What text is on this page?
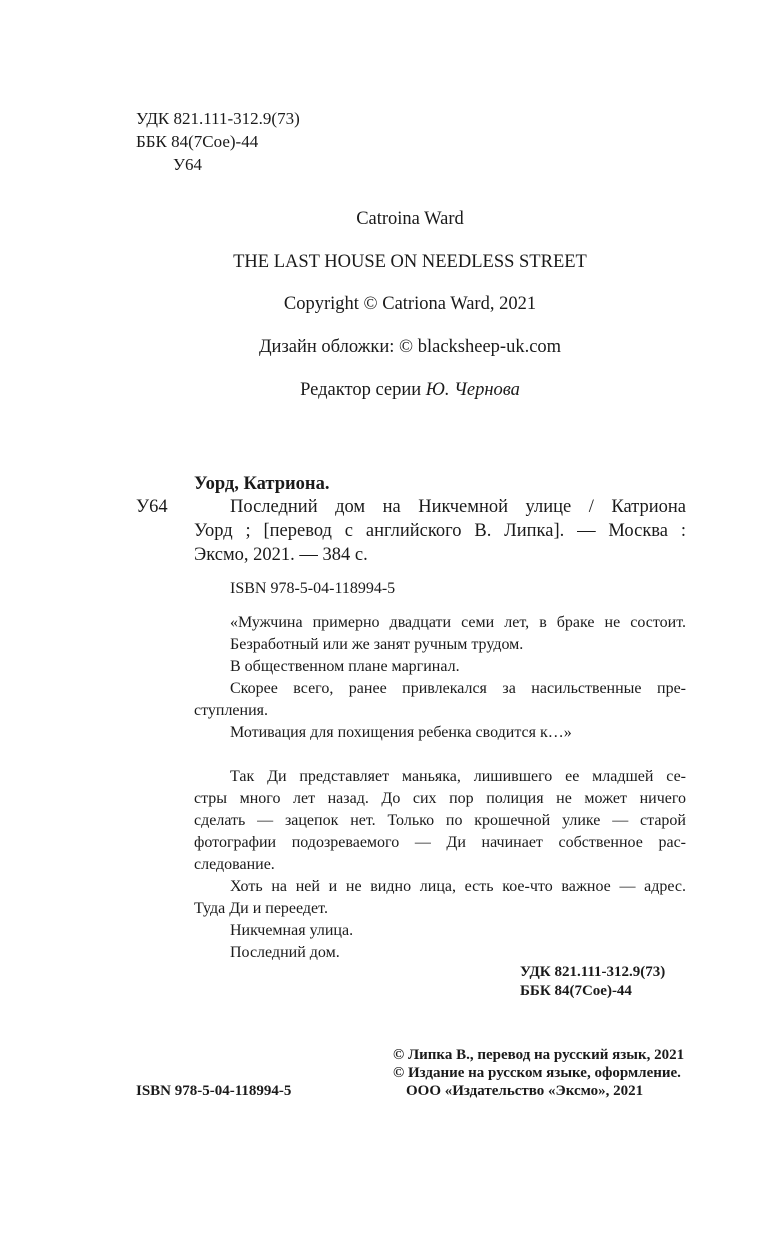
УДК 821.111-312.9(73)
ББК 84(7Сое)-44
У64
Catroina Ward
THE LAST HOUSE ON NEEDLESS STREET
Copyright © Catriona Ward, 2021
Дизайн обложки: © blacksheep-uk.com
Редактор серии Ю. Чернова
Уорд, Катриона.
У64	Последний дом на Никчемной улице / Катриона
Уорд ; [перевод с английского В. Липка]. — Москва :
Эксмо, 2021. — 384 с.
ISBN 978-5-04-118994-5
«Мужчина примерно двадцати семи лет, в браке не состоит.
Безработный или же занят ручным трудом.
В общественном плане маргинал.
Скорее всего, ранее привлекался за насильственные пре-
ступления.
Мотивация для похищения ребенка сводится к…»
Так Ди представляет маньяка, лишившего ее младшей се-
стры много лет назад. До сих пор полиция не может ничего
сделать — зацепок нет. Только по крошечной улике — старой
фотографии подозреваемого — Ди начинает собственное рас-
следование.
Хоть на ней и не видно лица, есть кое-что важное — адрес.
Туда Ди и переедет.
Никчемная улица.
Последний дом.
УДК 821.111-312.9(73)
ББК 84(7Сое)-44
© Липка В., перевод на русский язык, 2021
© Издание на русском языке, оформление.
ООО «Издательство «Эксмо», 2021
ISBN 978-5-04-118994-5
